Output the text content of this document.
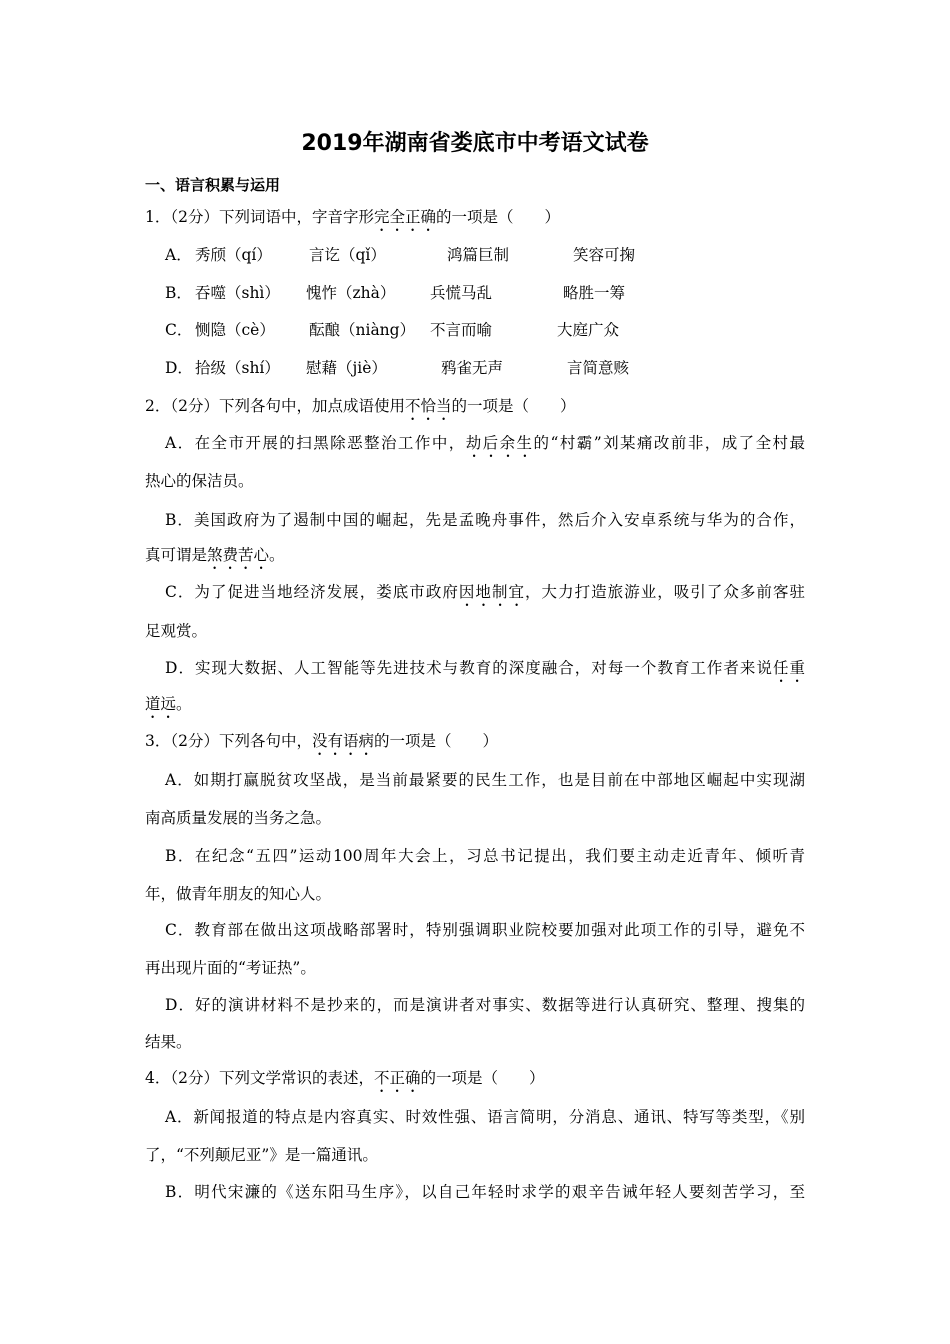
2019年湖南省娄底市中考语文试卷
一、语言积累与运用
1．（2分）下列词语中，字音字形完全正确的一项是（　　）
A． 秀颀（qí） 言讫（qǐ）	鸿篇巨制	笑容可掬
B． 吞噬（shì） 愧怍（zhà） 兵慌马乱	略胜一筹
C． 恻隐（cè） 酝酿（niàng） 不言而喻	大庭广众
D． 拾级（shí） 慰藉（jiè）	鸦雀无声	言简意赅
2．（2分）下列各句中，加点成语使用不恰当的一项是（　　）
A．在全市开展的扫黑除恶整治工作中，劫后余生的“村霸”刘某痛改前非，成了全村最
热心的保洁员。
B．美国政府为了遏制中国的崛起，先是孟晚舟事件，然后介入安卓系统与华为的合作，
真可谓是煞费苦心。
C．为了促进当地经济发展，娄底市政府因地制宜，大力打造旅游业，吸引了众多前客驻
足观赏。
D．实现大数据、人工智能等先进技术与教育的深度融合，对每一个教育工作者来说任重
道远。
3．（2分）下列各句中，没有语病的一项是（　　）
A．如期打赢脱贫攻坚战，是当前最紧要的民生工作，也是目前在中部地区崛起中实现湖
南高质量发展的当务之急。
B．在纪念“五四”运动100周年大会上，习总书记提出，我们要主动走近青年、倾听青
年，做青年朋友的知心人。
C．教育部在做出这项战略部署时，特别强调职业院校要加强对此项工作的引导，避免不
再出现片面的“考证热”。
D．好的演讲材料不是抄来的，而是演讲者对事实、数据等进行认真研究、整理、搜集的
结果。
4．（2分）下列文学常识的表述，不正确的一项是（　　）
A．新闻报道的特点是内容真实、时效性强、语言简明，分消息、通讯、特写等类型，《别
了，“不列颠尼亚”》是一篇通讯。
B．明代宋濂的《送东阳马生序》，以自己年轻时求学的艰辛告诫年轻人要刻苦学习，至
